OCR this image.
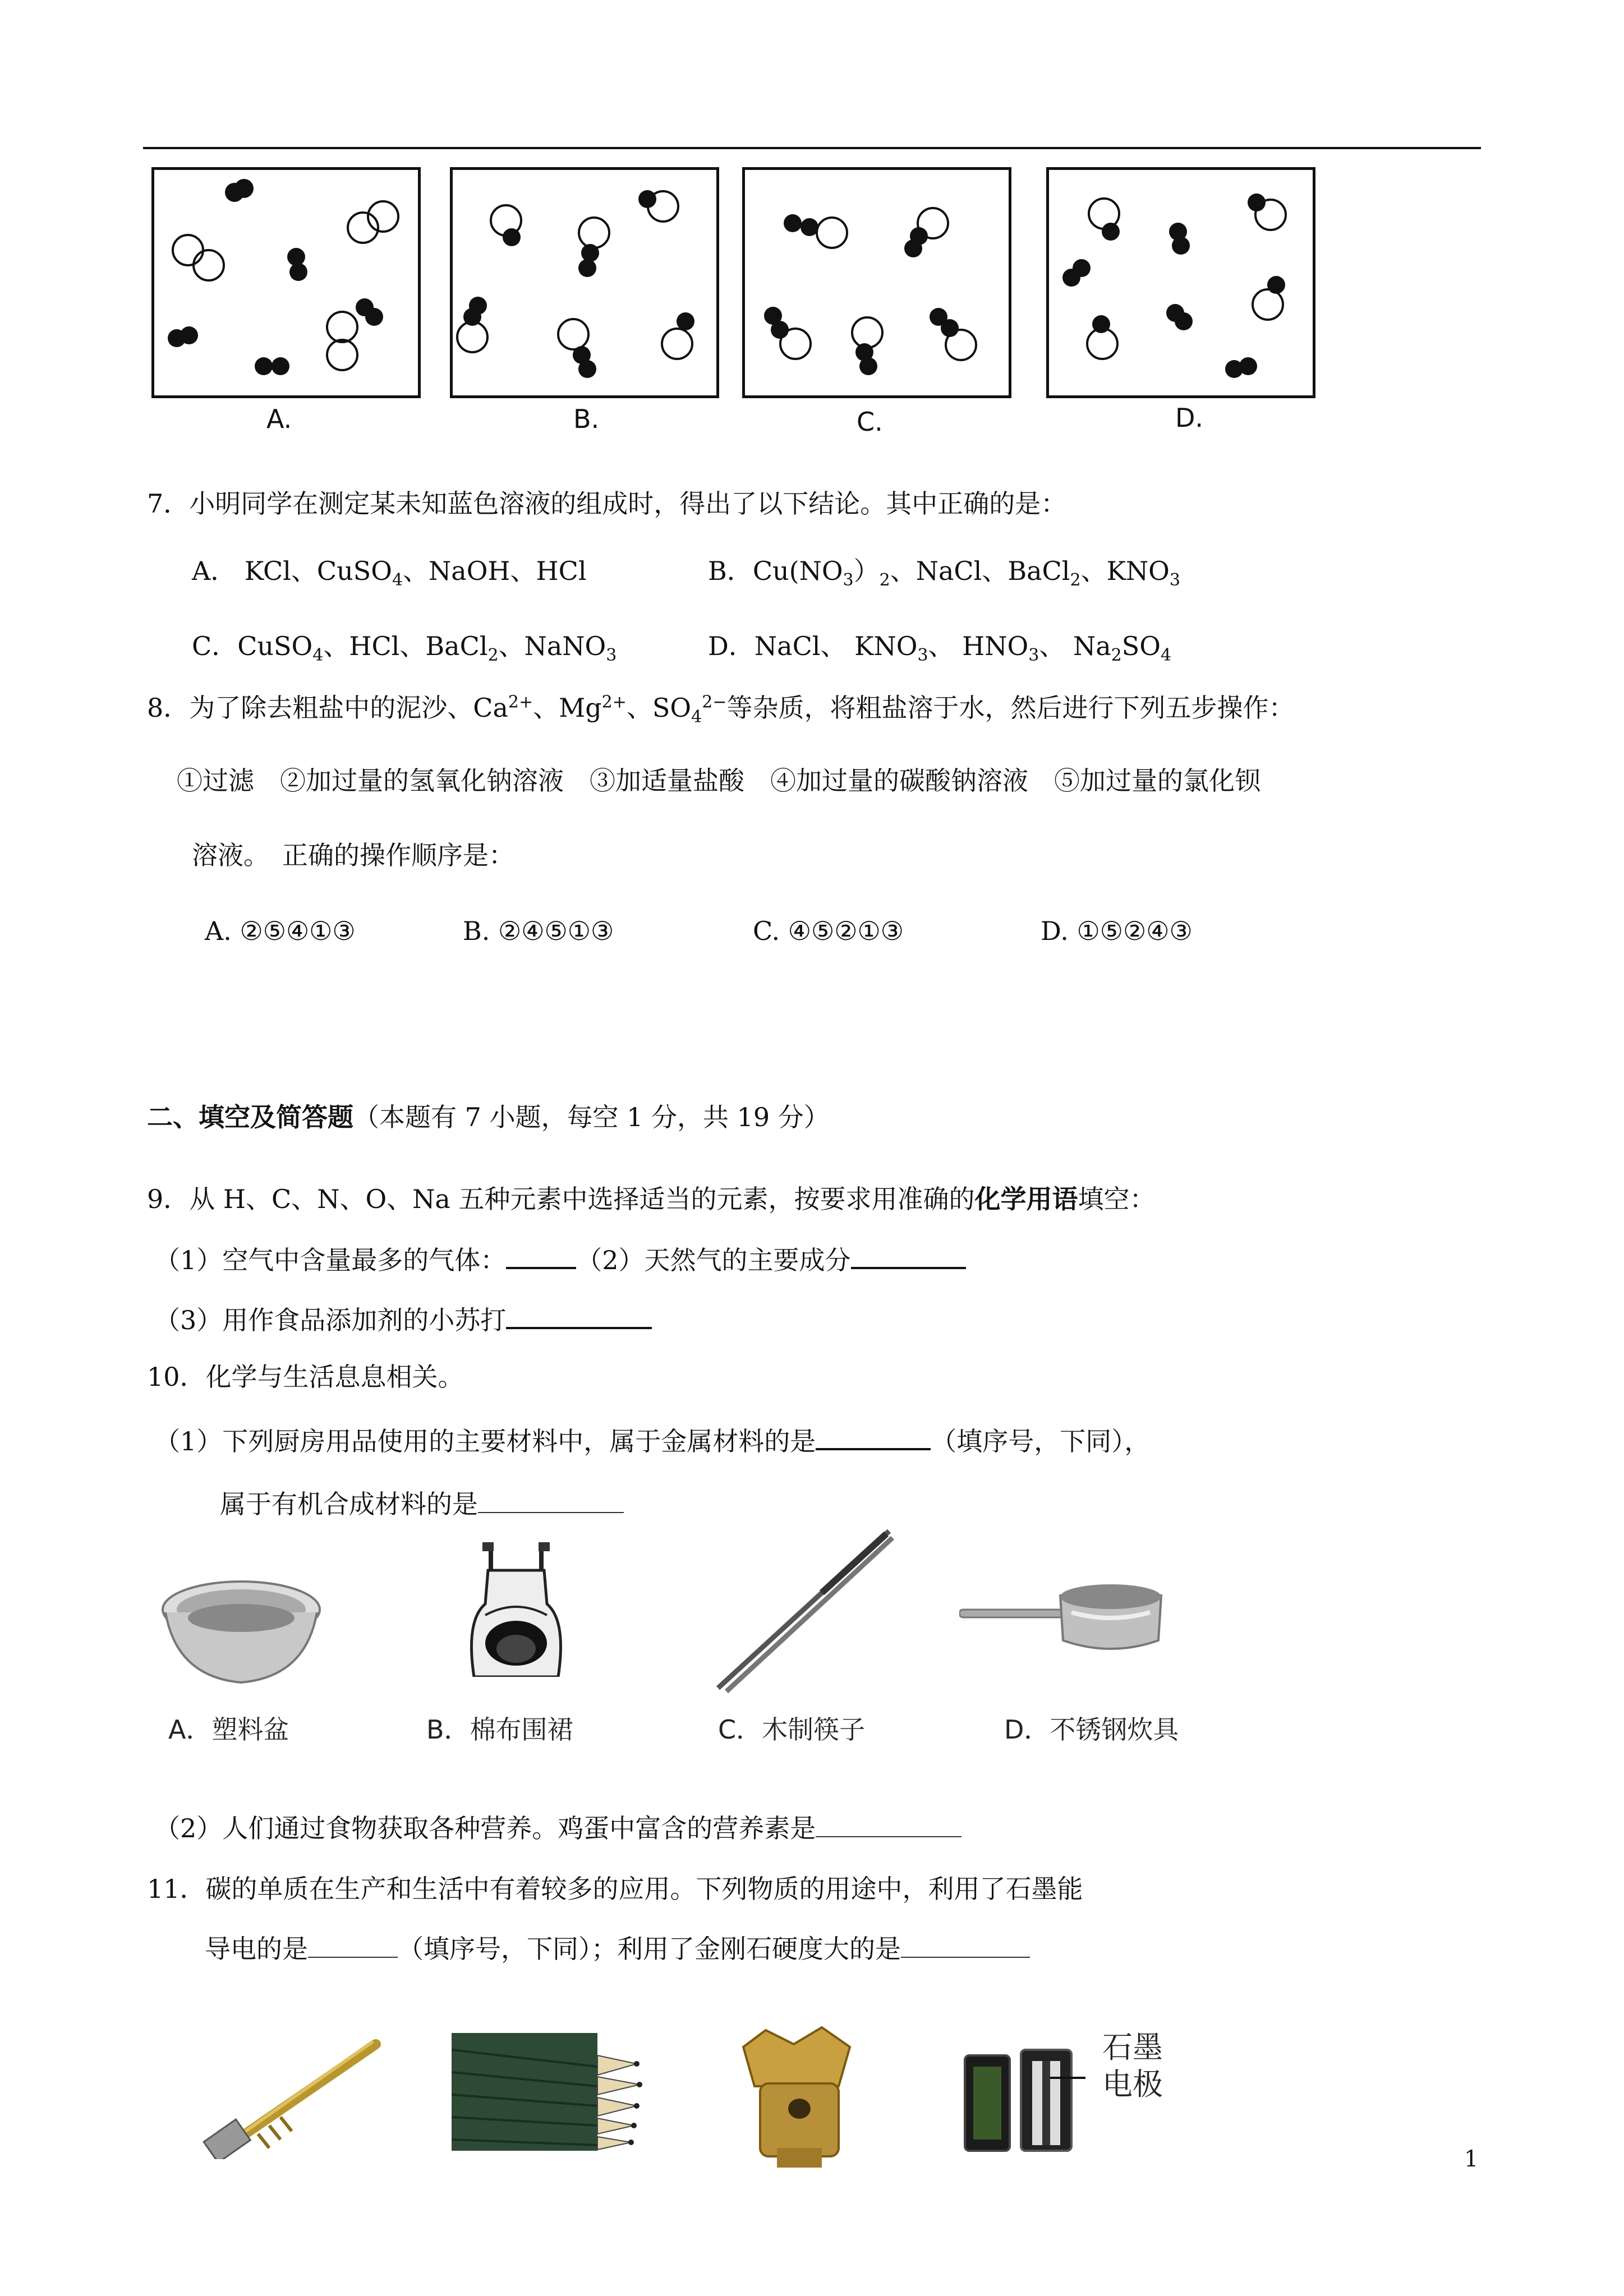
A.	B.	C.	D.
7．小明同学在测定某未知蓝色溶液的组成时，得出了以下结论。其中正确的是：
A． KCl、CuSO$_4$、NaOH、HCl	B．$Cu(NO_3)_2$、NaCl、BaCl$_2$、$KNO_3$
C．CuSO$_4$、HCl、BaCl$_2$、NaNO$_3$	D．NaCl、 $KNO_3$、 $HNO_3$、 $Na_2SO_4$
8．为了除去粗盐中的泥沙、$Ca^{2+}$、$Mg^{2+}$、$SO_4^{2-}$等杂质，将粗盐溶于水，然后进行下列五步操作：
①过滤　②加过量的氢氧化钠溶液　③加适量盐酸　④加过量的碳酸钠溶液　⑤加过量的氯化钡
溶液。　正确的操作顺序是：
A. ②⑤④①③	B. ②④⑤①③	C. ④⑤②①③	D. ①⑤②④③
二、填空及简答题（本题有 7 小题，每空 1 分，共 19 分）
9．从 H、C、N、O、Na 五种元素中选择适当的元素，按要求用准确的化学用语填空：
（1）空气中含量最多的气体：	（2）天然气的主要成分
（3）用作食品添加剂的小苏打
10．化学与生活息息相关。
（1）下列厨房用品使用的主要材料中，属于金属材料的是	（填序号，下同），
属于有机合成材料的是
A．塑料盆	B．棉布围裙	C．木制筷子	D．不锈钢炊具
（2）人们通过食物获取各种营养。鸡蛋中富含的营养素是
11．碳的单质在生产和生活中有着较多的应用。下列物质的用途中，利用了石墨能
导电的是	（填序号，下同）；利用了金刚石硬度大的是
石墨
电极
1
